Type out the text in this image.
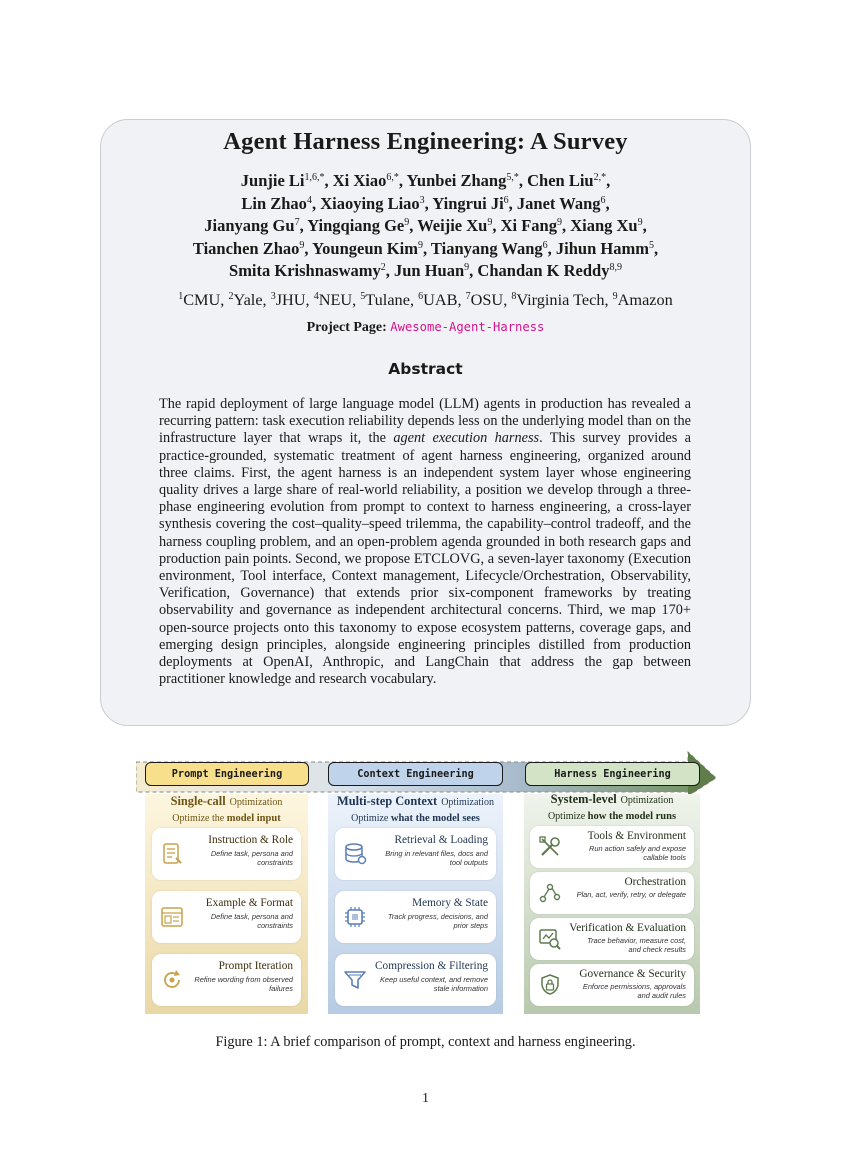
Agent Harness Engineering: A Survey
Junjie $Li^{1,6,*}$, Xi Xiao$^{6,*}$, Yunbei Zhang$^{5,*}$, Chen Liu$^{2,*}$,
Lin Zhao$^4$, Xiaoying Liao$^3$, Yingrui Ji$^6$, Janet Wang$^6$,
Jianyang Gu$^7$, Yingqiang Ge$^9$, Weijie Xu$^9$, Xi Fang$^9$, Xiang Xu$^9$,
Tianchen Zhao$^9$, Youngeun Kim$^9$, Tianyang Wang$^6$, Jihun Hamm$^5$,
Smita Krishnaswamy$^2$, Jun Huan$^9$, Chandan K Reddy$^{8,9}$
$^1$CMU, $^2$Yale, $^3$JHU, $^4$NEU, $^5$Tulane, $^6$UAB, $^7$OSU, $^8$Virginia Tech, $^9$Amazon
Project Page: Awesome-Agent-Harness
Abstract
The rapid deployment of large language model (LLM) agents in production has revealed a recurring pattern: task execution reliability depends less on the underlying model than on the infrastructure layer that wraps it, the agent execution harness. This survey provides a practice-grounded, systematic treatment of agent harness engineering, organized around three claims. First, the agent harness is an independent system layer whose engineering quality drives a large share of real-world reliability, a position we develop through a three-phase engineering evolution from prompt to context to harness engineering, a cross-layer synthesis covering the cost–quality–speed trilemma, the capability–control tradeoff, and the harness coupling problem, and an open-problem agenda grounded in both research gaps and production pain points. Second, we propose ETCLOVG, a seven-layer taxonomy (Execution environment, Tool interface, Context management, Lifecycle/Orchestration, Observability, Verification, Governance) that extends prior six-component frameworks by treating observability and governance as independent architectural concerns. Third, we map 170+ open-source projects onto this taxonomy to expose ecosystem patterns, coverage gaps, and emerging design principles, alongside engineering principles distilled from production deployments at OpenAI, Anthropic, and LangChain that address the gap between practitioner knowledge and research vocabulary.
Prompt Engineering	Context Engineering	Harness Engineering
Single-call Optimization
Optimize the model input
Instruction & Role
Define task, persona and constraints
Example & Format
Define task, persona and constraints
Prompt Iteration
Refine wording from observed failures
Multi-step Context Optimization
Optimize what the model sees
Retrieval & Loading
Bring in relevant files, docs and tool outputs
Memory & State
Track progress, decisions, and prior steps
Compression & Filtering
Keep useful context, and remove stale information
System-level Optimization
Optimize how the model runs
Tools & Environment
Run action safely and expose callable tools
Orchestration
Plan, act, verify, retry, or delegate
Verification & Evaluation
Trace behavior, measure cost, and check results
Governance & Security
Enforce permissions, approvals and audit rules
Figure 1: A brief comparison of prompt, context and harness engineering.
1
